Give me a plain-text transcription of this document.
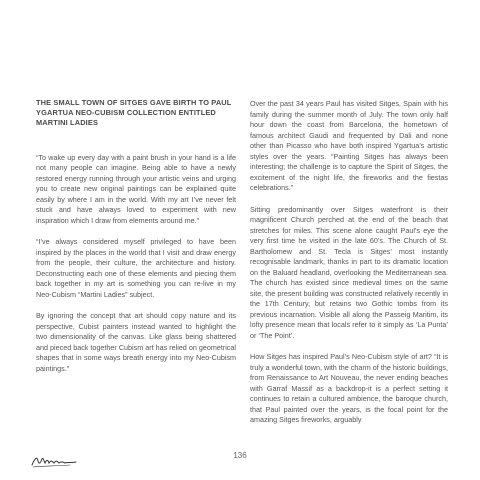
THE SMALL TOWN OF SITGES GAVE BIRTH TO PAUL YGARTUA NEO-CUBISM COLLECTION ENTITLED MARTINI LADIES

“To wake up every day with a paint brush in your hand is a life not many people can imagine. Being able to have a newly restored energy running through your artistic veins and urging you to create new original paintings can be explained quite easily by where I am in the world. With my art I’ve never felt stuck and have always loved to experiment with new inspiration which I draw from elements around me.”

“I’ve always considered myself privileged to have been inspired by the places in the world that I visit and draw energy from the people, their culture, the architecture and history. Deconstructing each one of these elements and piecing them back together in my art is something you can re-live in my Neo-Cubism “Martini Ladies” subject.

By ignoring the concept that art should copy nature and its perspective, Cubist painters instead wanted to highlight the two dimensionality of the canvas. Like glass being shattered and pieced back together Cubism art has relied on geometrical shapes that in some ways breath energy into my Neo-Cubism paintings.”

Over the past 34 years Paul has visited Sitges, Spain with his family during the summer month of July. The town only half hour down the coast from Barcelona, the hometown of famous architect Gaudi and frequented by Dali and none other than Picasso who have both inspired Ygartua’s artistic styles over the years. “Painting Sitges has always been interesting; the challenge is to capture the Spirit of Sitges, the excitement of the night life, the fireworks and the fiestas celebrations.”

Sitting predominantly over Sitges waterfront is their magnificent Church perched at the end of the beach that stretches for miles. This scene alone caught Paul’s eye the very first time he visited in the late 60’s. The Church of St. Bartholomew and St. Tecla is Sitges’ most instantly recognisable landmark, thanks in part to its dramatic location on the Baluard headland, overlooking the Mediterranean sea. The church has existed since medieval times on the same site, the present building was constructed relatively recently in the 17th Century, but retains two Gothic tombs from its previous incarnation. Visible all along the Passeig Maritim, its lofty presence mean that locals refer to it simply as ‘La Punta’ or ‘The Point’.

How Sitges has inspired Paul’s Neo-Cubism style of art? “It is truly a wonderful town, with the charm of the historic buildings, from Renaissance to Art Nouveau, the never ending beaches with Garraf Massif as a backdrop-it is a perfect setting it continues to retain a cultured ambience, the baroque church, that Paul painted over the years, is the focal point for the amazing Sitges fireworks, arguably

136
